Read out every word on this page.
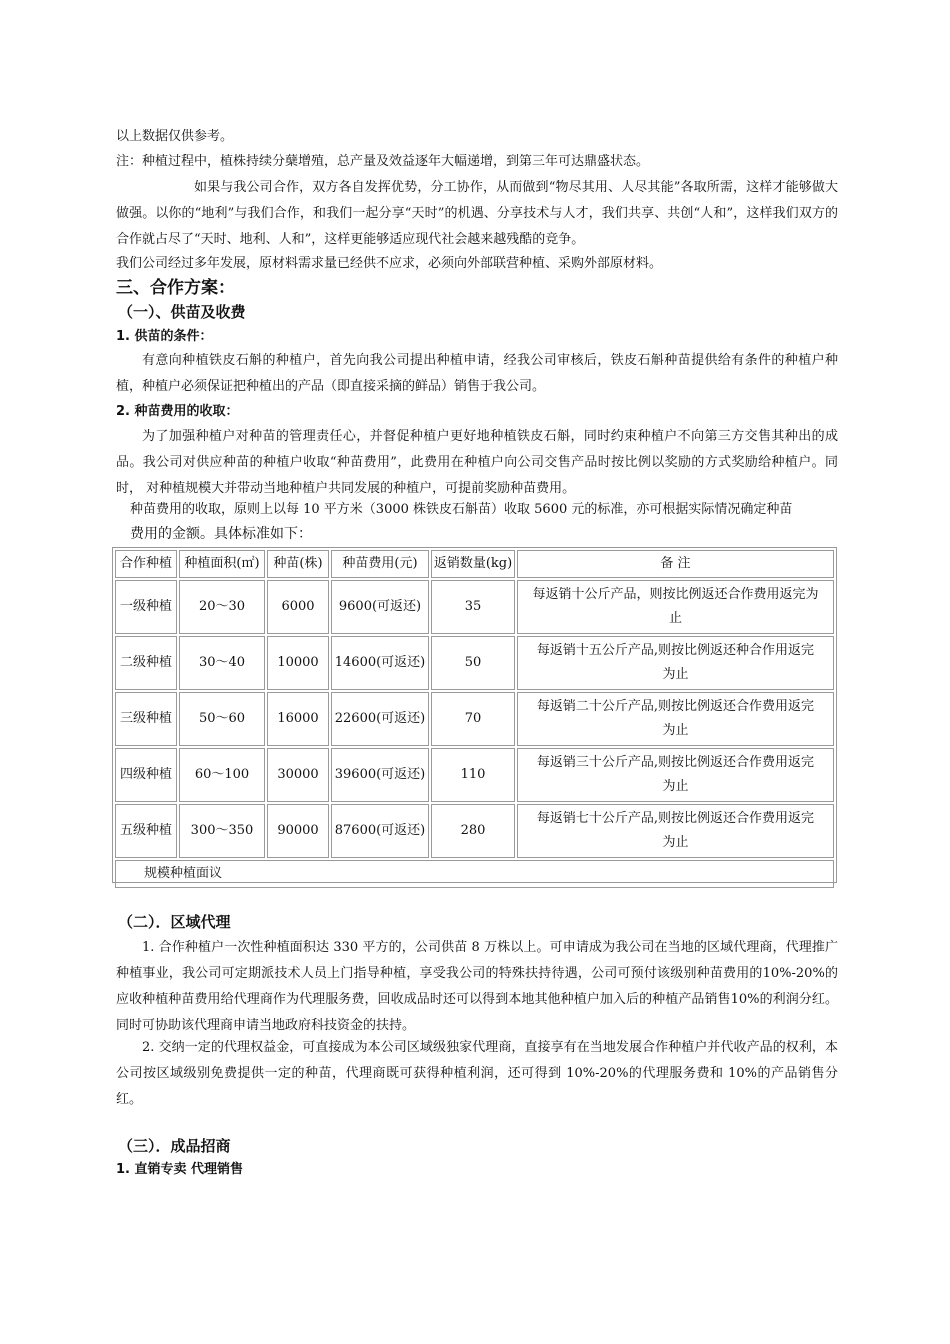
以上数据仅供参考。
注：种植过程中，植株持续分蘖增殖，总产量及效益逐年大幅递增，到第三年可达鼎盛状态。
如果与我公司合作，双方各自发挥优势，分工协作，从而做到“物尽其用、人尽其能”各取所需，这样才能够做大做强。以你的“地利”与我们合作，和我们一起分享“天时”的机遇、分享技术与人才，我们共享、共创“人和”，这样我们双方的合作就占尽了“天时、地利、人和”，这样更能够适应现代社会越来越残酷的竞争。
我们公司经过多年发展，原材料需求量已经供不应求，必须向外部联营种植、采购外部原材料。
三、合作方案：
（一）、供苗及收费
1. 供苗的条件：
有意向种植铁皮石斛的种植户，首先向我公司提出种植申请，经我公司审核后，铁皮石斛种苗提供给有条件的种植户种植，种植户必须保证把种植出的产品（即直接采摘的鲜品）销售于我公司。
2. 种苗费用的收取：
为了加强种植户对种苗的管理责任心，并督促种植户更好地种植铁皮石斛，同时约束种植户不向第三方交售其种出的成品。我公司对供应种苗的种植户收取“种苗费用”，此费用在种植户向公司交售产品时按比例以奖励的方式奖励给种植户。同时， 对种植规模大并带动当地种植户共同发展的种植户，可提前奖励种苗费用。
种苗费用的收取，原则上以每 10 平方米（3000 株铁皮石斛苗）收取 5600 元的标准，亦可根据实际情况确定种苗
费用的金额。具体标准如下：
合作种植	种植面积(㎡)	种苗(株)	种苗费用(元)	返销数量(kg)	备 注
一级种植	20～30	6000	9600(可返还)	35	每返销十公斤产品，则按比例返还合作费用返完为止
二级种植	30～40	10000	14600(可返还)	50	每返销十五公斤产品,则按比例返还种合作用返完为止
三级种植	50～60	16000	22600(可返还)	70	每返销二十公斤产品,则按比例返还合作费用返完为止
四级种植	60～100	30000	39600(可返还)	110	每返销三十公斤产品,则按比例返还合作费用返完为止
五级种植	300～350	90000	87600(可返还)	280	每返销七十公斤产品,则按比例返还合作费用返完为止
规模种植面议					
（二）．区域代理
1. 合作种植户一次性种植面积达 330 平方的，公司供苗 8 万株以上。可申请成为我公司在当地的区域代理商，代理推广种植事业，我公司可定期派技术人员上门指导种植，享受我公司的特殊扶持待遇，公司可预付该级别种苗费用的10%-20%的应收种植种苗费用给代理商作为代理服务费，回收成品时还可以得到本地其他种植户加入后的种植产品销售10%的利润分红。同时可协助该代理商申请当地政府科技资金的扶持。
2. 交纳一定的代理权益金，可直接成为本公司区域级独家代理商，直接享有在当地发展合作种植户并代收产品的权利，本公司按区域级别免费提供一定的种苗，代理商既可获得种植利润，还可得到 10%-20%的代理服务费和 10%的产品销售分红。
（三）．成品招商
1. 直销专卖 代理销售
